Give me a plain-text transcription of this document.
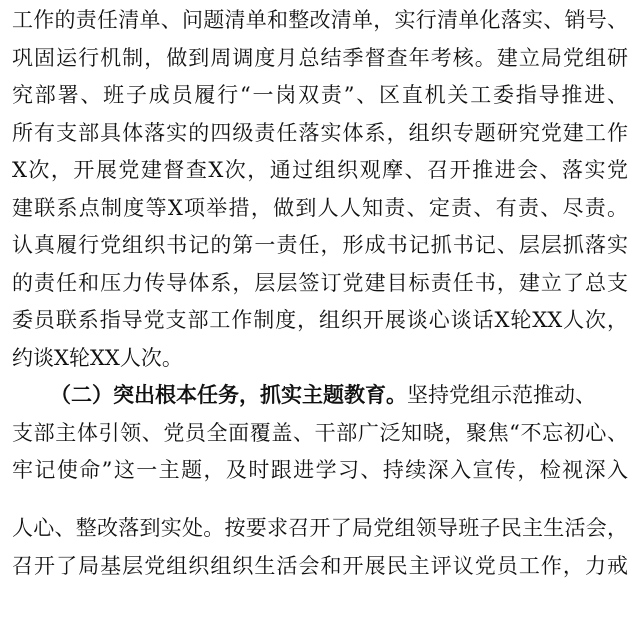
工作的责任清单、问题清单和整改清单，实行清单化落实、销号、
巩固运行机制，做到周调度月总结季督查年考核。建立局党组研
究部署、班子成员履行“一岗双责”、区直机关工委指导推进、
所有支部具体落实的四级责任落实体系，组织专题研究党建工作
X次，开展党建督查X次，通过组织观摩、召开推进会、落实党
建联系点制度等X项举措，做到人人知责、定责、有责、尽责。
认真履行党组织书记的第一责任，形成书记抓书记、层层抓落实
的责任和压力传导体系，层层签订党建目标责任书，建立了总支
委员联系指导党支部工作制度，组织开展谈心谈话X轮XX人次，
约谈X轮XX人次。
（二）突出根本任务，抓实主题教育。坚持党组示范推动、
支部主体引领、党员全面覆盖、干部广泛知晓，聚焦“不忘初心、
牢记使命”这一主题，及时跟进学习、持续深入宣传，检视深入
人心、整改落到实处。按要求召开了局党组领导班子民主生活会，
召开了局基层党组织组织生活会和开展民主评议党员工作，力戒
